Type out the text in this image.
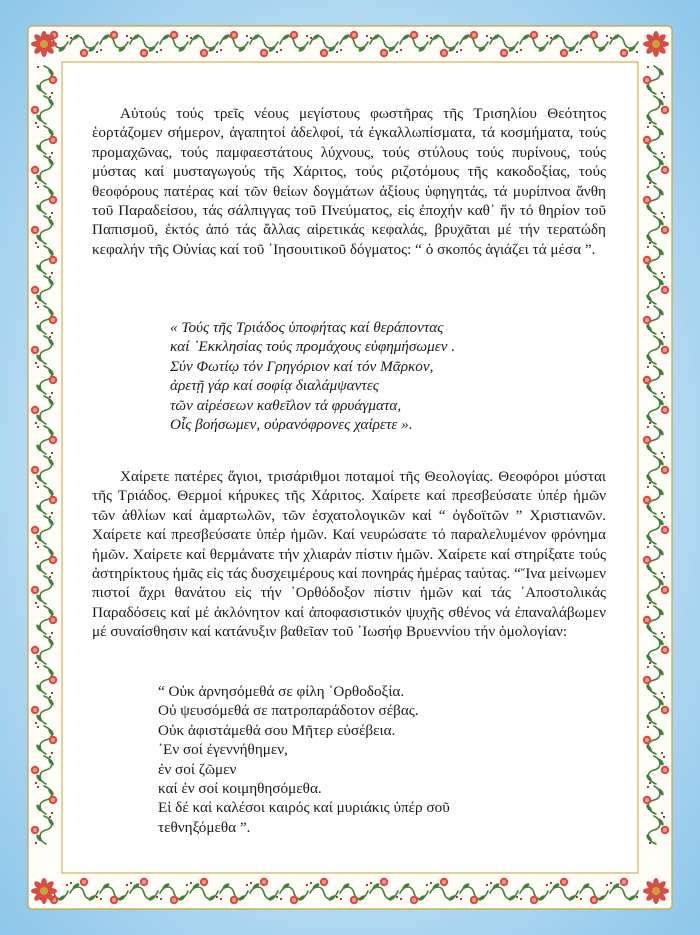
Αὐτούς τούς τρεῖς νέους μεγίστους φωστῆρας τῆς Τρισηλίου Θεότητος ἑορτάζομεν σήμερον, ἀγαπητοί ἀδελφοί, τά ἐγκαλλωπίσματα, τά κοσμήματα, τούς προμαχῶνας, τούς παμφαεστάτους λύχνους, τούς στύλους τούς πυρίνους, τούς μύστας καί μυσταγωγούς τῆς Χάριτος, τούς ριζοτόμους τῆς κακοδοξίας, τούς θεοφόρους πατέρας καί τῶν θείων δογμάτων ἀξίους ὑφηγητάς, τά μυρίπνοα ἄνθη τοῦ Παραδείσου, τάς σάλπιγγας τοῦ Πνεύματος, εἰς ἐποχήν καθ᾽ ἥν τό θηρίον τοῦ Παπισμοῦ, ἐκτός ἀπό τάς ἄλλας αἱρετικάς κεφαλάς, βρυχᾶται μέ τήν τερατώδη κεφαλήν τῆς Οὐνίας καί τοῦ ᾽Ιησουιτικοῦ δόγματος: “ ὁ σκοπός ἁγιάζει τά μέσα ”.

« Τούς τῆς Τριάδος ὑποφήτας καί θεράποντας
καί ᾽Εκκλησίας τούς προμάχους εὐφημήσωμεν .
Σύν Φωτίῳ τόν Γρηγόριον καί τόν Μᾶρκον,
ἀρετῇ γάρ καί σοφίᾳ διαλάμψαντες
τῶν αἱρέσεων καθεῖλον τά φρυάγματα,
Οἷς βοήσωμεν, οὐρανόφρονες χαίρετε ».

Χαίρετε πατέρες ἅγιοι, τρισάριθμοι ποταμοί τῆς Θεολογίας. Θεοφόροι μύσται τῆς Τριάδος. Θερμοί κήρυκες τῆς Χάριτος. Χαίρετε καί πρεσβεύσατε ὑπέρ ἡμῶν τῶν ἀθλίων καί ἁμαρτωλῶν, τῶν ἐσχατολογικῶν καί “ ὀγδοϊτῶν ” Χριστιανῶν. Χαίρετε καί πρεσβεύσατε ὑπέρ ἡμῶν. Καί νευρώσατε τό παραλελυμένον φρόνημα ἡμῶν. Χαίρετε καί θερμάνατε τήν χλιαράν πίστιν ἡμῶν. Χαίρετε καί στηρίξατε τούς ἀστηρίκτους ἡμᾶς εἰς τάς δυσχειμέρους καί πονηράς ἡμέρας ταύτας. “Ἵνα μείνωμεν πιστοί ἄχρι θανάτου εἰς τήν ᾽Ορθόδοξον πίστιν ἡμῶν καί τάς ᾽Αποστολικάς Παραδόσεις καί μέ ἀκλόνητον καί ἀποφασιστικόν ψυχῆς σθένος νά ἐπαναλάβωμεν μέ συναίσθησιν καί κατάνυξιν βαθεῖαν τοῦ ᾽Ιωσήφ Βρυεννίου τήν ὁμολογίαν:

“ Οὐκ ἀρνησόμεθά σε φίλη ᾽Ορθοδοξία.
Οὐ ψευσόμεθά σε πατροπαράδοτον σέβας.
Οὐκ ἀφιστάμεθά σου Μῆτερ εὐσέβεια.
᾽Εν σοί ἐγεννήθημεν,
ἐν σοί ζῶμεν
καί ἐν σοί κοιμηθησόμεθα.
Εἰ δέ καί καλέσοι καιρός καί μυριάκις ὑπέρ σοῦ
τεθνηξόμεθα ”.
